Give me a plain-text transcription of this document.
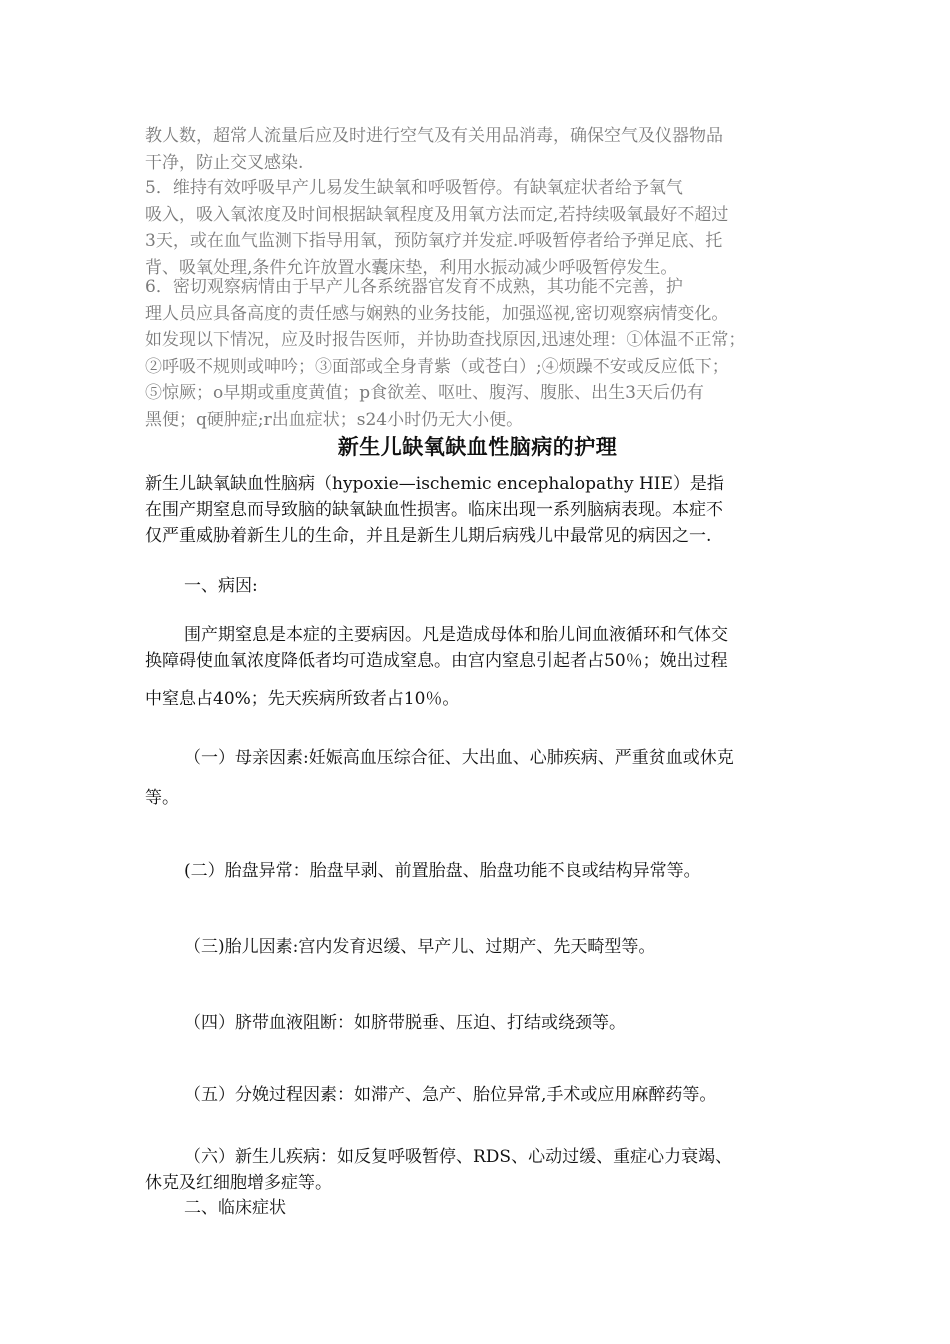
教人数，超常人流量后应及时进行空气及有关用品消毒，确保空气及仪器物品
干净，防止交叉感染.

5．维持有效呼吸早产儿易发生缺氧和呼吸暂停。有缺氧症状者给予氧气
吸入，吸入氧浓度及时间根据缺氧程度及用氧方法而定,若持续吸氧最好不超过
3天，或在血气监测下指导用氧，预防氧疗并发症.呼吸暂停者给予弹足底、托
背、吸氧处理,条件允许放置水囊床垫，利用水振动减少呼吸暂停发生。

6．密切观察病情由于早产儿各系统器官发育不成熟，其功能不完善，护
理人员应具备高度的责任感与娴熟的业务技能，加强巡视,密切观察病情变化。
如发现以下情况，应及时报告医师，并协助查找原因,迅速处理：①体温不正常；
②呼吸不规则或呻吟；③面部或全身青紫（或苍白）;④烦躁不安或反应低下；
⑤惊厥；o早期或重度黄值；p食欲差、呕吐、腹泻、腹胀、出生3天后仍有
黑便；q硬肿症;r出血症状；s24小时仍无大小便。

新生儿缺氧缺血性脑病的护理

新生儿缺氧缺血性脑病（hypoxie—ischemic encephalopathy HIE）是指
在围产期窒息而导致脑的缺氧缺血性损害。临床出现一系列脑病表现。本症不
仅严重威胁着新生儿的生命，并且是新生儿期后病残儿中最常见的病因之一.

一、病因:

围产期窒息是本症的主要病因。凡是造成母体和胎儿间血液循环和气体交
换障碍使血氧浓度降低者均可造成窒息。由宫内窒息引起者占50％；娩出过程

中窒息占40%；先天疾病所致者占10％。

（一）母亲因素:妊娠高血压综合征、大出血、心肺疾病、严重贫血或休克

等。

(二）胎盘异常：胎盘早剥、前置胎盘、胎盘功能不良或结构异常等。

（三)胎儿因素:宫内发育迟缓、早产儿、过期产、先天畸型等。

（四）脐带血液阻断：如脐带脱垂、压迫、打结或绕颈等。

（五）分娩过程因素：如滞产、急产、胎位异常,手术或应用麻醉药等。

（六）新生儿疾病：如反复呼吸暂停、RDS、心动过缓、重症心力衰竭、
休克及红细胞增多症等。

二、临床症状
